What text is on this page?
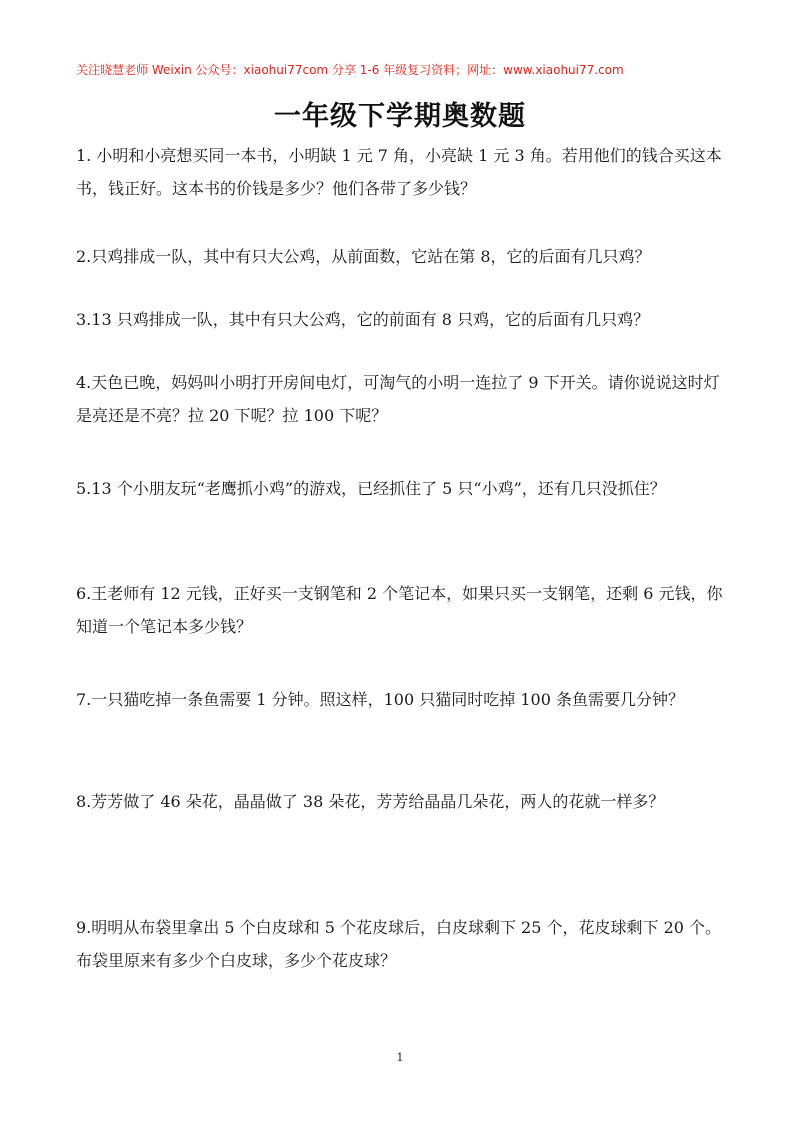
关注晓慧老师 Weixin 公众号：xiaohui77com 分享 1-6 年级复习资料；网址：www.xiaohui77.com
一年级下学期奥数题

1. 小明和小亮想买同一本书，小明缺 1 元 7 角，小亮缺 1 元 3 角。若用他们的钱合买这本书，钱正好。这本书的价钱是多少？他们各带了多少钱？

2.只鸡排成一队，其中有只大公鸡，从前面数，它站在第 8，它的后面有几只鸡？

3.13 只鸡排成一队，其中有只大公鸡，它的前面有 8 只鸡，它的后面有几只鸡？

4.天色已晚，妈妈叫小明打开房间电灯，可淘气的小明一连拉了 9 下开关。请你说说这时灯是亮还是不亮？拉 20 下呢？拉 100 下呢？

5.13 个小朋友玩“老鹰抓小鸡”的游戏，已经抓住了 5 只“小鸡”，还有几只没抓住？

6.王老师有 12 元钱，正好买一支钢笔和 2 个笔记本，如果只买一支钢笔，还剩 6 元钱，你知道一个笔记本多少钱？

7.一只猫吃掉一条鱼需要 1 分钟。照这样，100 只猫同时吃掉 100 条鱼需要几分钟？

8.芳芳做了 46 朵花，晶晶做了 38 朵花，芳芳给晶晶几朵花，两人的花就一样多？

9.明明从布袋里拿出 5 个白皮球和 5 个花皮球后，白皮球剩下 25 个，花皮球剩下 20 个。布袋里原来有多少个白皮球，多少个花皮球？

1
